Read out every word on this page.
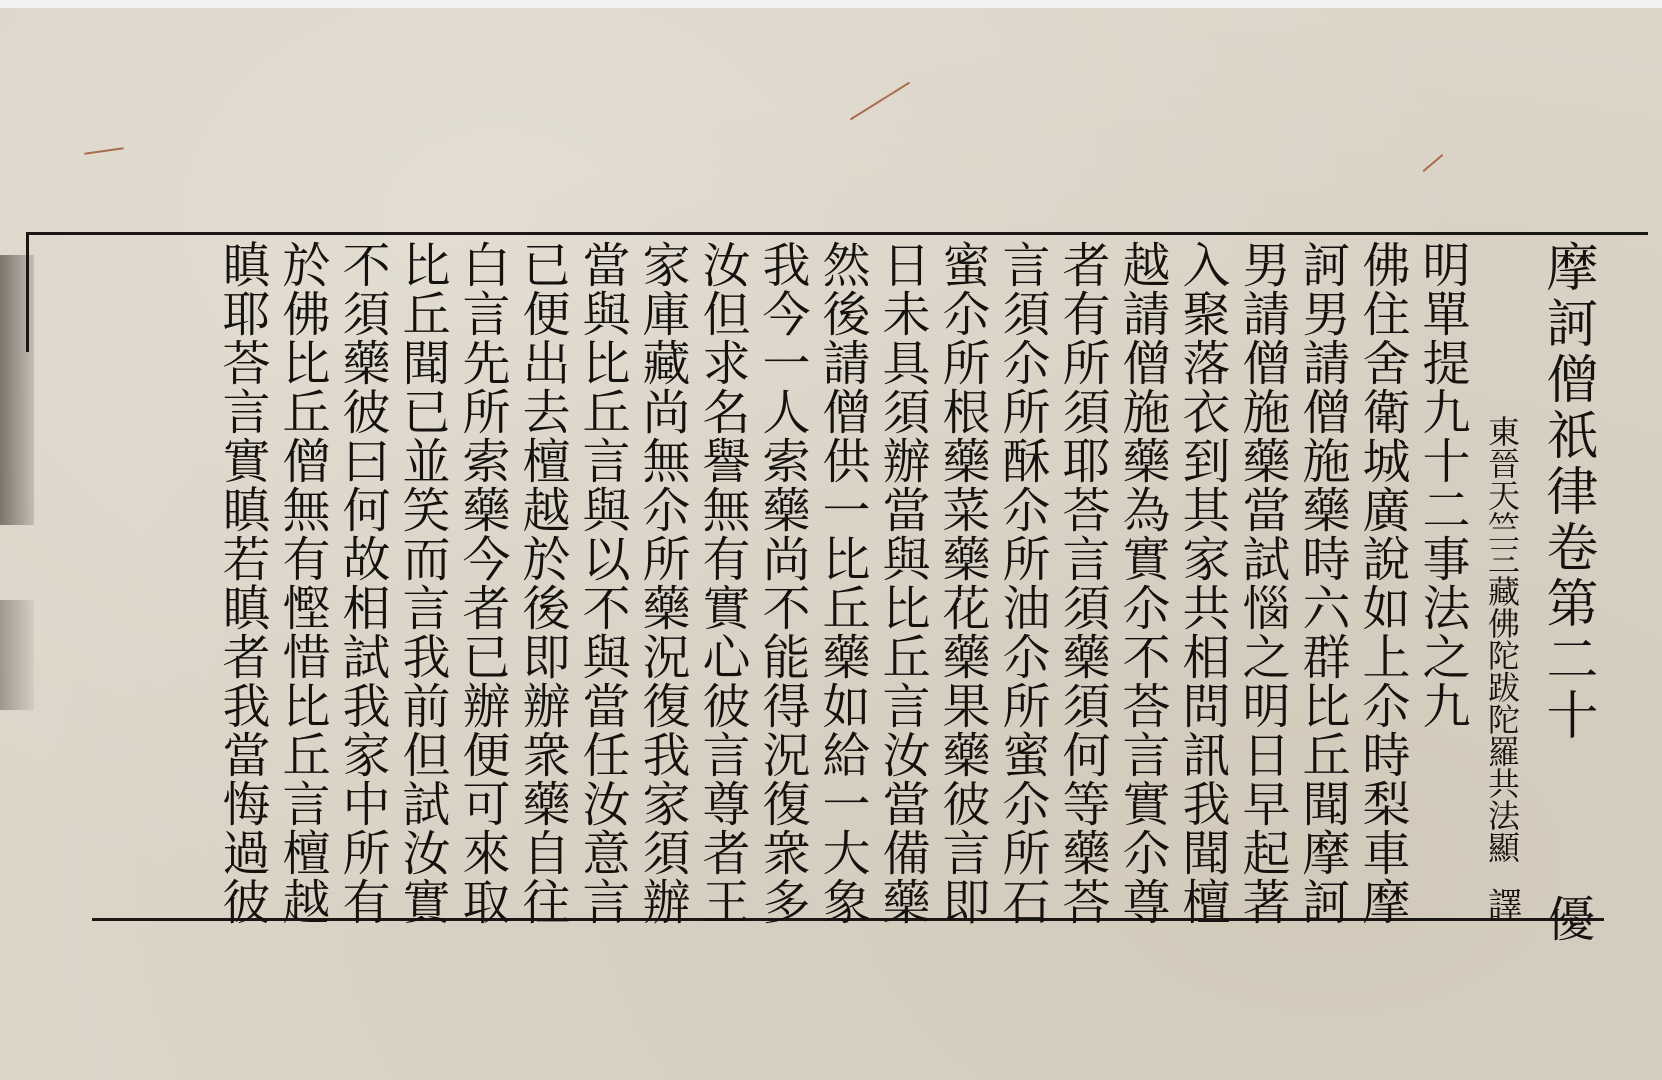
摩訶僧祇律卷第二十
優
東晉天竺三藏佛陀跋陀羅共法顯
譯
明單提九十二事法之九
佛住舍衛城廣說如上尒時梨車摩
訶男請僧施藥時六群比丘聞摩訶
男請僧施藥當試惱之明日早起著
入聚落衣到其家共相問訊我聞檀
越請僧施藥為實尒不荅言實尒尊
者有所須耶荅言須藥須何等藥荅
言須尒所酥尒所油尒所蜜尒所石
蜜尒所根藥菜藥花藥果藥彼言即
日未具須辦當與比丘言汝當備藥
然後請僧供一比丘藥如給一大象
我今一人索藥尚不能得況復衆多
汝但求名譽無有實心彼言尊者王
家庫藏尚無尒所藥況復我家須辦
當與比丘言與以不與當任汝意言
已便出去檀越於後即辦衆藥自往
白言先所索藥今者已辦便可來取
比丘聞已並笑而言我前但試汝實
不須藥彼曰何故相試我家中所有
於佛比丘僧無有慳惜比丘言檀越
瞋耶荅言實瞋若瞋者我當悔過彼
